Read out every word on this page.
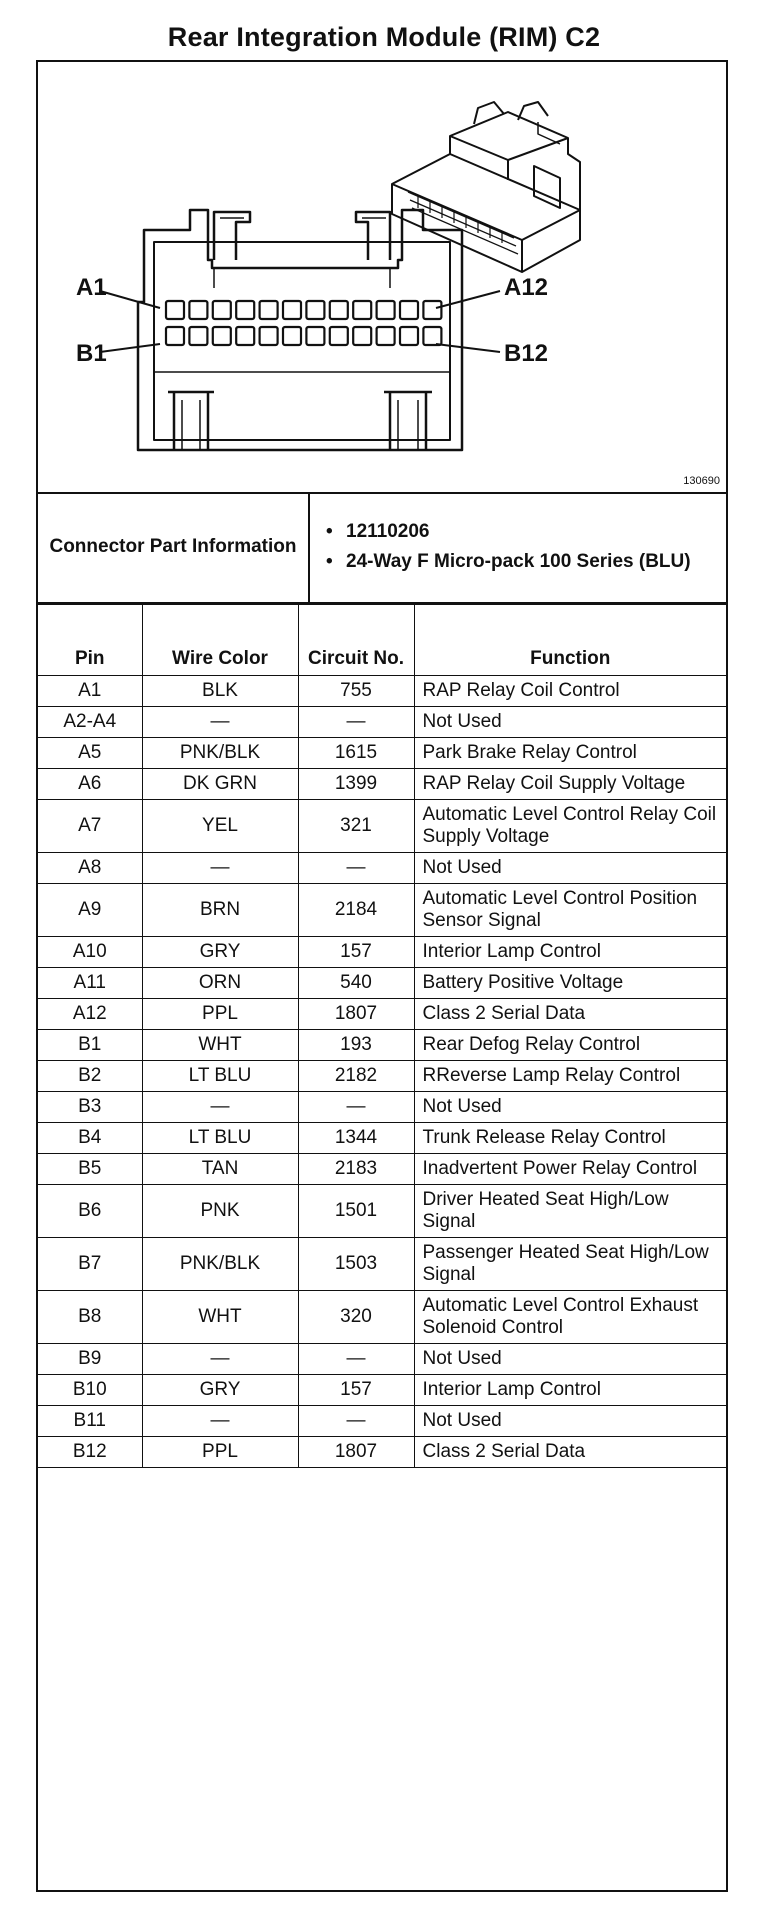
Rear Integration Module (RIM) C2
A1	A12
B1	B12
130690
Connector Part Information	
• 12110206
• 24-Way F Micro-pack 100 Series (BLU)
Pin	Wire Color	Circuit No.	Function
A1	BLK	755	RAP Relay Coil Control
A2-A4	—	—	Not Used
A5	PNK/BLK	1615	Park Brake Relay Control
A6	DK GRN	1399	RAP Relay Coil Supply Voltage
A7	YEL	321	Automatic Level Control Relay Coil Supply Voltage
A8	—	—	Not Used
A9	BRN	2184	Automatic Level Control Position Sensor Signal
A10	GRY	157	Interior Lamp Control
A11	ORN	540	Battery Positive Voltage
A12	PPL	1807	Class 2 Serial Data
B1	WHT	193	Rear Defog Relay Control
B2	LT BLU	2182	RReverse Lamp Relay Control
B3	—	—	Not Used
B4	LT BLU	1344	Trunk Release Relay Control
B5	TAN	2183	Inadvertent Power Relay Control
B6	PNK	1501	Driver Heated Seat High/Low Signal
B7	PNK/BLK	1503	Passenger Heated Seat High/Low Signal
B8	WHT	320	Automatic Level Control Exhaust Solenoid Control
B9	—	—	Not Used
B10	GRY	157	Interior Lamp Control
B11	—	—	Not Used
B12	PPL	1807	Class 2 Serial Data
